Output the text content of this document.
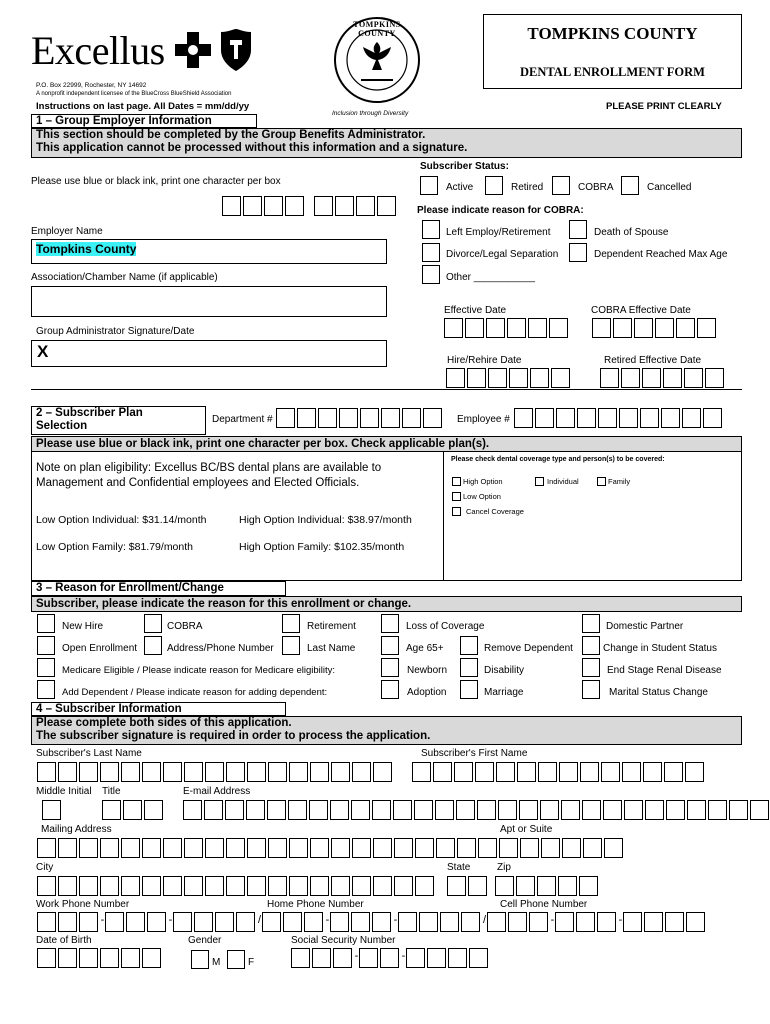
Excellus
P.O. Box 22999, Rochester, NY 14692
A nonprofit independent licensee of the BlueCross BlueShield Association
Instructions on last page. All Dates = mm/dd/yy
TOMPKINS COUNTY
Inclusion through Diversity
TOMPKINS COUNTY
DENTAL ENROLLMENT FORM
PLEASE PRINT CLEARLY
1 – Group Employer Information
This section should be completed by the Group Benefits Administrator.
This application cannot be processed without this information and a signature.
Please use blue or black ink, print one character per box
Employer Name
Tompkins County
Association/Chamber Name (if applicable)
Group Administrator Signature/Date
X
Subscriber Status:
Active	Retired	COBRA	Cancelled
Please indicate reason for COBRA:
Left Employ/Retirement	Death of Spouse
Divorce/Legal Separation	Dependent Reached Max Age
Other ___________
Effective Date	COBRA Effective Date
Hire/Rehire Date	Retired Effective Date
2 – Subscriber Plan
Selection
Department #	Employee #
Please use blue or black ink, print one character per box. Check applicable plan(s).
Note on plan eligibility: Excellus BC/BS dental plans are available to
Management and Confidential employees and Elected Officials.
Low Option Individual: $31.14/month	High Option Individual: $38.97/month
Low Option Family: $81.79/month	High Option Family: $102.35/month
Please check dental coverage type and person(s) to be covered:
High Option	Individual	Family
Low Option
Cancel Coverage
3 – Reason for Enrollment/Change
Subscriber, please indicate the reason for this enrollment or change.
New Hire	COBRA	Retirement	Loss of Coverage	Domestic Partner
Open Enrollment	Address/Phone Number	Last Name	Age 65+	Remove Dependent	Change in Student Status
Medicare Eligible / Please indicate reason for Medicare eligibility:	Newborn	Disability	End Stage Renal Disease
Add Dependent / Please indicate reason for adding dependent:	Adoption	Marriage	Marital Status Change
4 – Subscriber Information
Please complete both sides of this application.
The subscriber signature is required in order to process the application.
Subscriber's Last Name	Subscriber's First Name
Middle Initial Title	E-mail Address
Mailing Address	Apt or Suite
City	State	Zip
Work Phone Number	Home Phone Number	Cell Phone Number
-	-	/	-	-	/	-	-
Date of Birth	Gender	Social Security Number
M	F
-	-
